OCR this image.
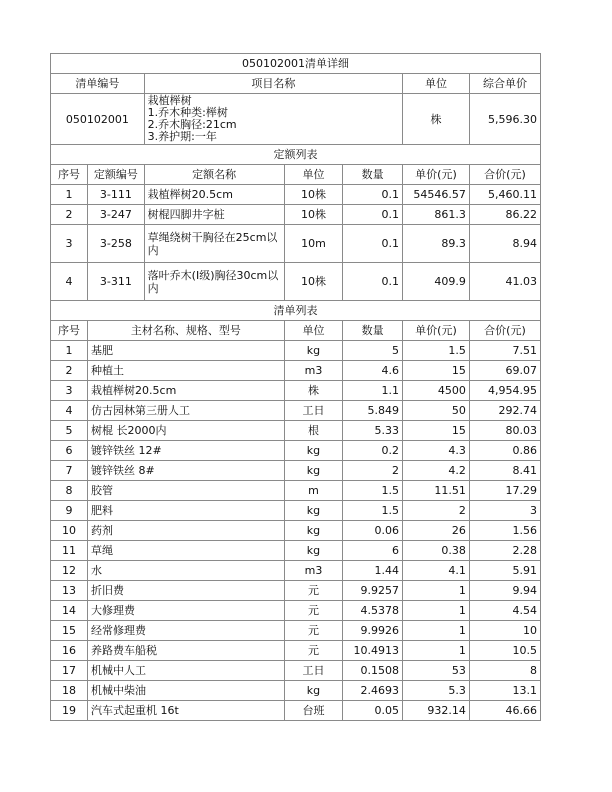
050102001清单详细						
清单编号		项目名称			单位	综合单价
050102001		栽植榉树
1.乔木种类:榉树
2.乔木胸径:21cm
3.养护期:一年			株	5,596.30
定额列表						
序号	定额编号	定额名称	单位	数量	单价(元)	合价(元)
1	3-111	栽植榉树20.5cm	10株	0.1	54546.57	5,460.11
2	3-247	树棍四脚井字桩	10株	0.1	861.3	86.22
3	3-258	草绳绕树干胸径在25cm以内	10m	0.1	89.3	8.94
4	3-311	落叶乔木(I级)胸径30cm以内	10株	0.1	409.9	41.03
清单列表						
序号	主材名称、规格、型号		单位	数量	单价(元)	合价(元)
1	基肥		kg	5	1.5	7.51
2	种植土		m3	4.6	15	69.07
3	栽植榉树20.5cm		株	1.1	4500	4,954.95
4	仿古园林第三册人工		工日	5.849	50	292.74
5	树棍 长2000内		根	5.33	15	80.03
6	镀锌铁丝 12#		kg	0.2	4.3	0.86
7	镀锌铁丝 8#		kg	2	4.2	8.41
8	胶管		m	1.5	11.51	17.29
9	肥料		kg	1.5	2	3
10	药剂		kg	0.06	26	1.56
11	草绳		kg	6	0.38	2.28
12	水		m3	1.44	4.1	5.91
13	折旧费		元	9.9257	1	9.94
14	大修理费		元	4.5378	1	4.54
15	经常修理费		元	9.9926	1	10
16	养路费车船税		元	10.4913	1	10.5
17	机械中人工		工日	0.1508	53	8
18	机械中柴油		kg	2.4693	5.3	13.1
19	汽车式起重机 16t		台班	0.05	932.14	46.66
